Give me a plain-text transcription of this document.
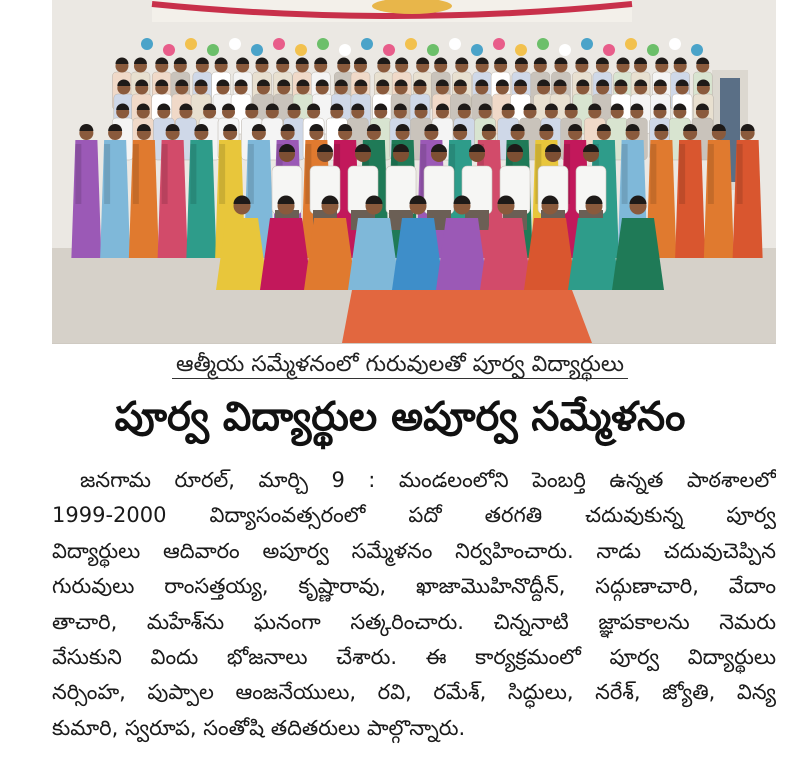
ఆత్మీయ సమ్మేళనంలో గురువులతో పూర్వ విద్యార్థులు
పూర్వ విద్యార్థుల అపూర్వ సమ్మేళనం
జనగామ రూరల్, మార్చి 9 : మండలంలోని పెంబర్తి ఉన్నత పాఠశాలలో
1999-2000 విద్యాసంవత్సరంలో పదో తరగతి చదువుకున్న పూర్వ
విద్యార్థులు ఆదివారం అపూర్వ సమ్మేళనం నిర్వహించారు. నాడు చదువుచెప్పిన
గురువులు రాంసత్తయ్య, కృష్ణారావు, ఖాజామొహినొద్దీన్, సద్గుణాచారి, వేదాం
తాచారి, మహేశ్‌ను ఘనంగా సత్కరించారు. చిన్ననాటి జ్ఞాపకాలను నెమరు
వేసుకుని విందు భోజనాలు చేశారు. ఈ కార్యక్రమంలో పూర్వ విద్యార్థులు
నర్సింహ, పుప్పాల ఆంజనేయులు, రవి, రమేశ్, సిద్ధులు, నరేశ్, జ్యోతి, విన్య
కుమారి, స్వరూప, సంతోషి తదితరులు పాల్గొన్నారు.
